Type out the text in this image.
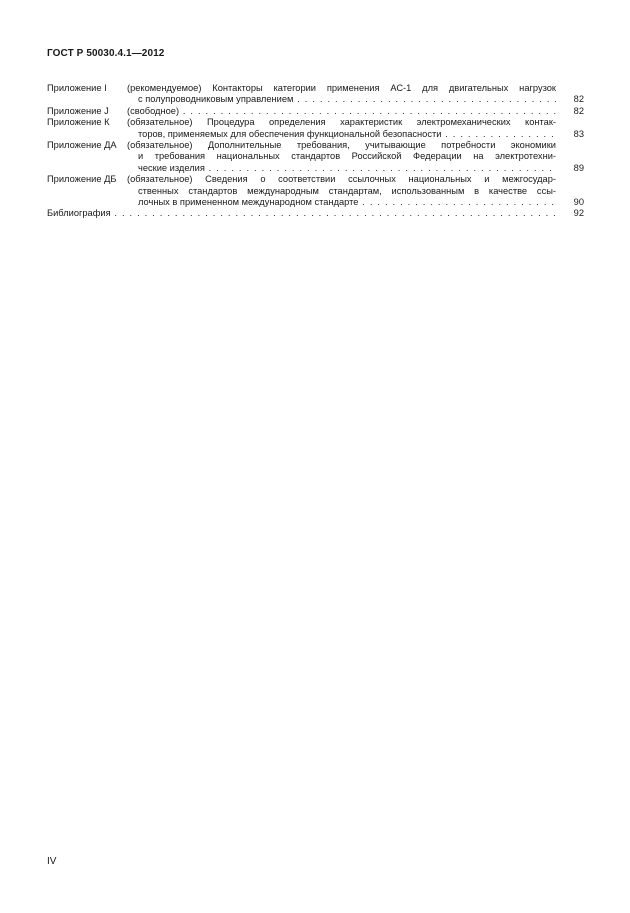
ГОСТ Р 50030.4.1—2012
Приложение I (рекомендуемое) Контакторы категории применения АС-1 для двигательных нагрузок
с полупроводниковым управлением . . .	82
Приложение J (свободное) . . .	82
Приложение К (обязательное) Процедура определения характеристик электромеханических контак-
торов, применяемых для обеспечения функциональной безопасности . . .	83
Приложение ДА (обязательное) Дополнительные требования, учитывающие потребности экономики
и требования национальных стандартов Российской Федерации на электротехни-
ческие изделия . . .	89
Приложение ДБ (обязательное) Сведения о соответствии ссылочных национальных и межгосудар-
ственных стандартов международным стандартам, использованным в качестве ссы-
лочных в примененном международном стандарте . . .	90
Библиография . . .	92
IV
